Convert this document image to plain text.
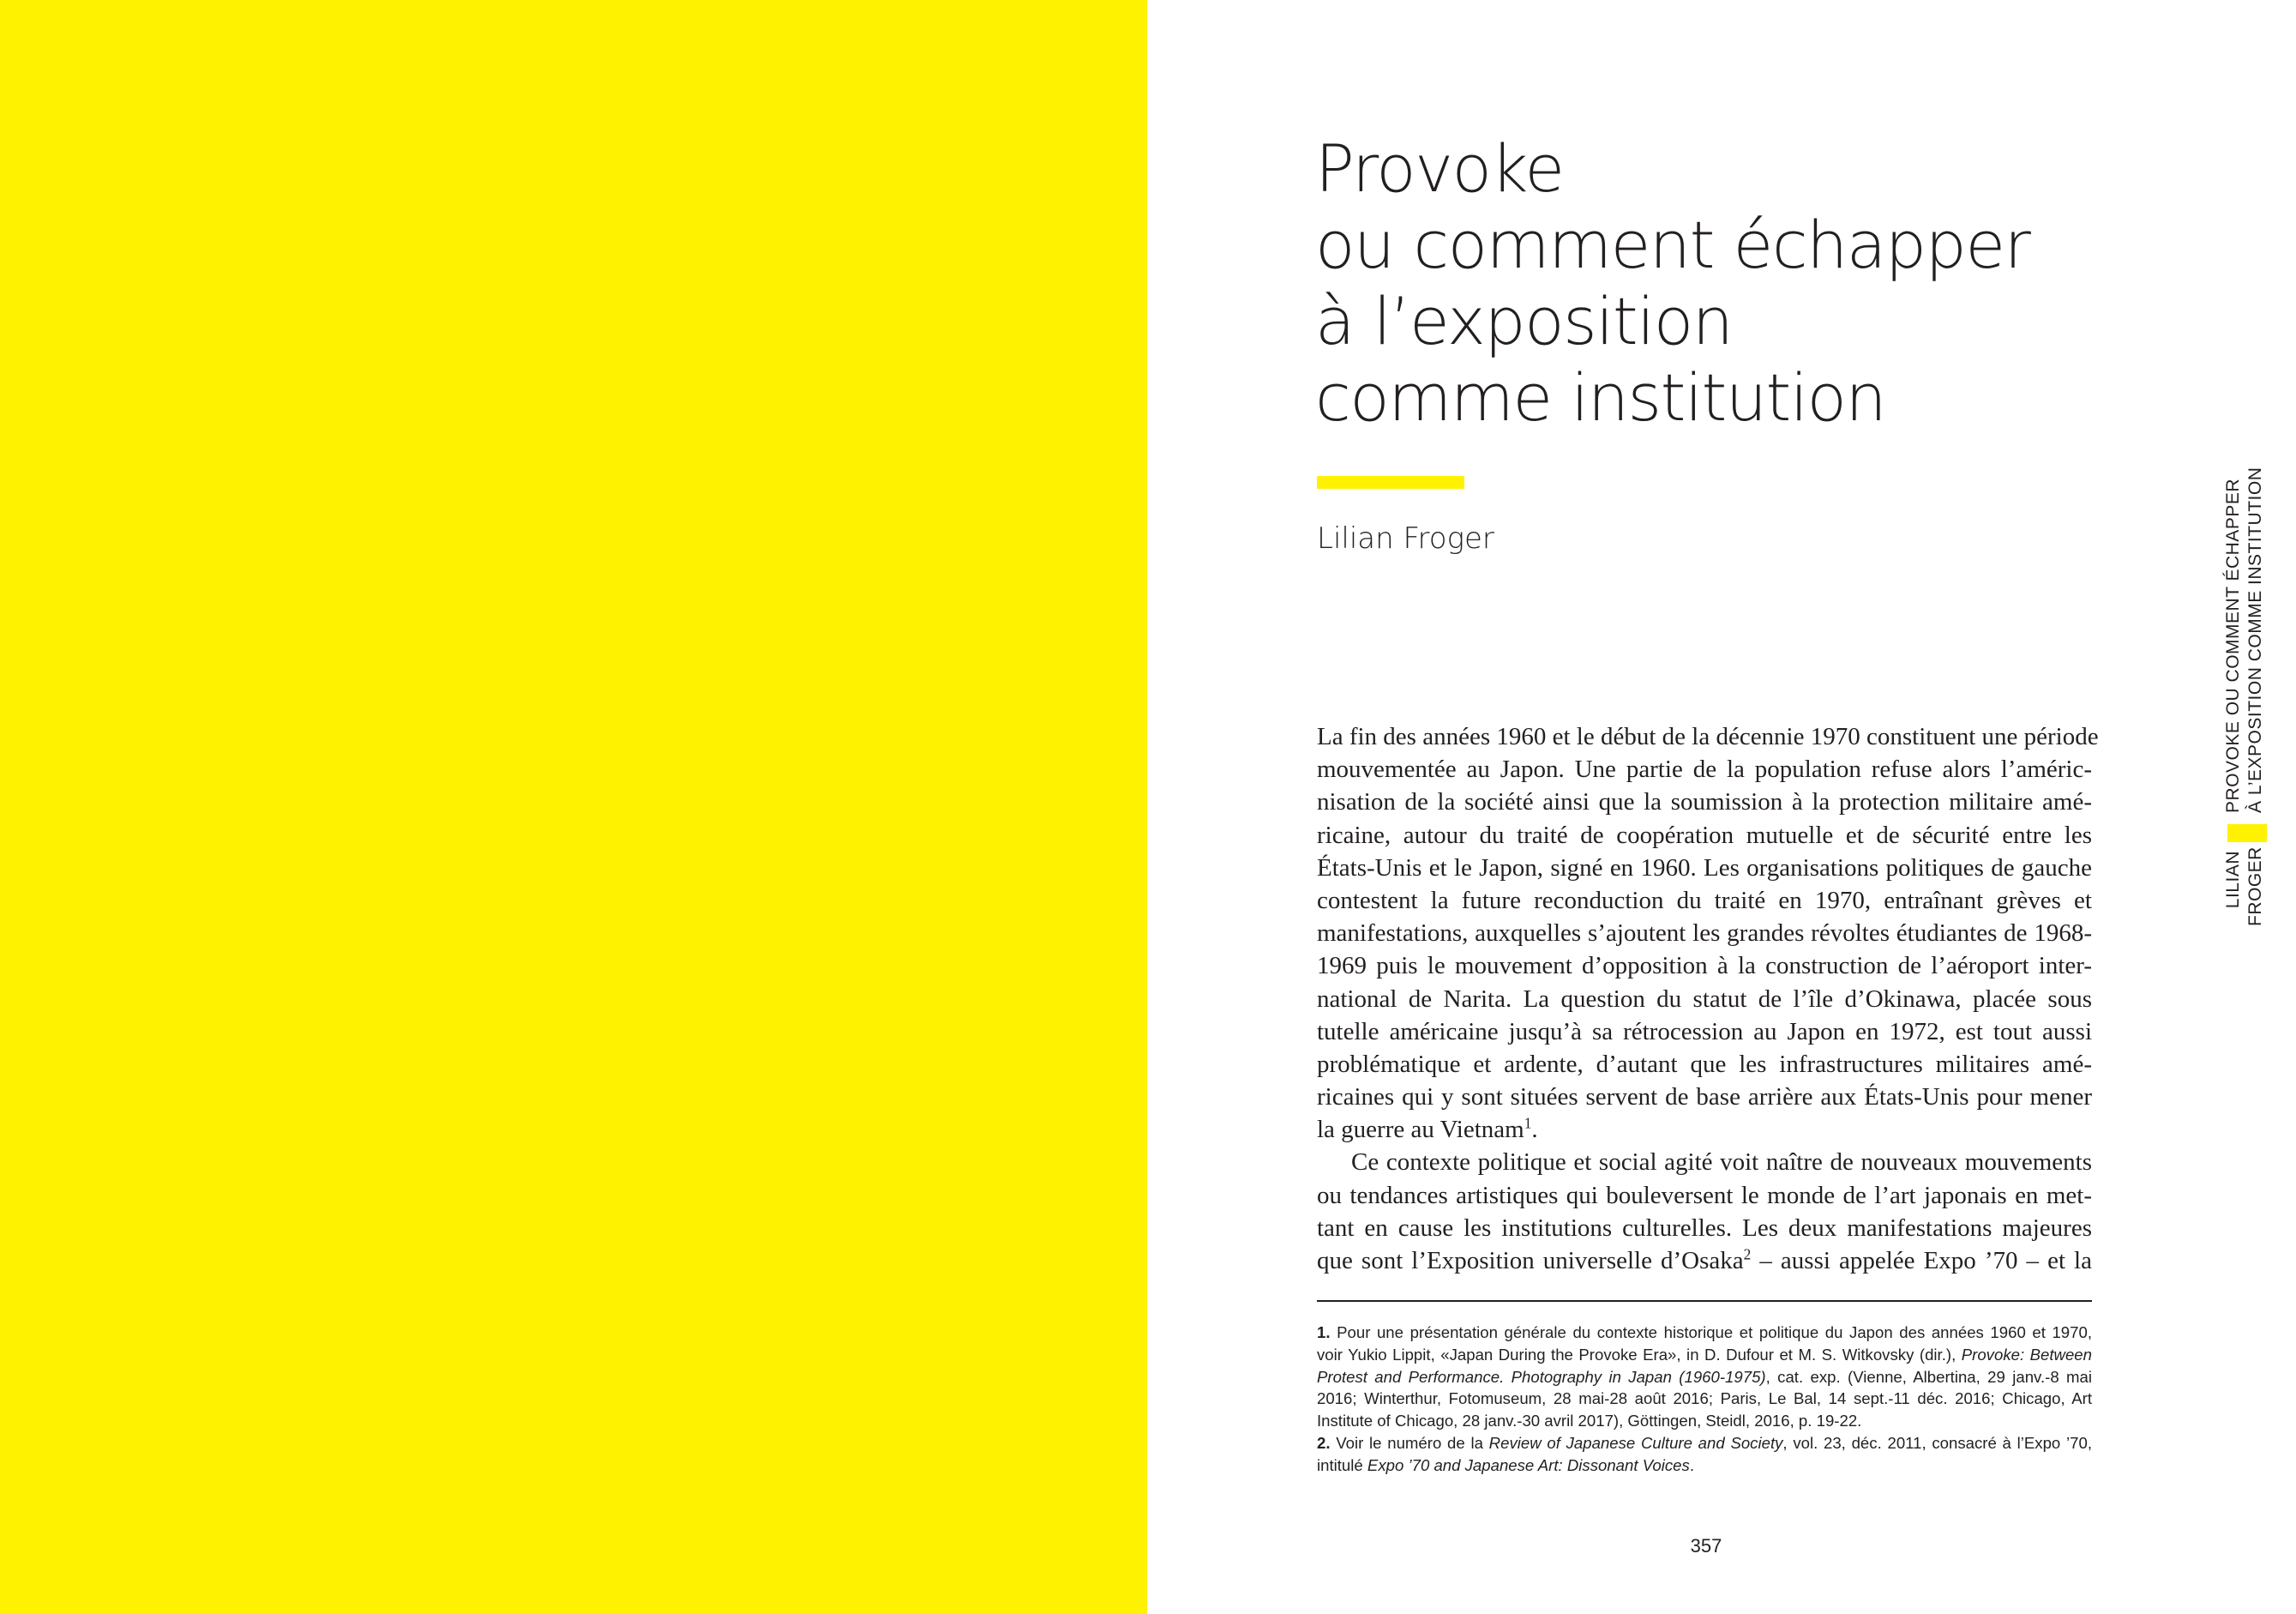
Provoke
ou comment échapper
à l’exposition
comme institution
Lilian Froger
La fin des années 1960 et le début de la décennie 1970 constituent une période
mouvementée au Japon. Une partie de la population refuse alors l’améric-
nisation de la société ainsi que la soumission à la protection militaire amé-
ricaine, autour du traité de coopération mutuelle et de sécurité entre les
États-Unis et le Japon, signé en 1960. Les organisations politiques de gauche
contestent la future reconduction du traité en 1970, entraînant grèves et
manifestations, auxquelles s’ajoutent les grandes révoltes étudiantes de 1968-
1969 puis le mouvement d’opposition à la construction de l’aéroport inter-
national de Narita. La question du statut de l’île d’Okinawa, placée sous
tutelle américaine jusqu’à sa rétrocession au Japon en 1972, est tout aussi
problématique et ardente, d’autant que les infrastructures militaires amé-
ricaines qui y sont situées servent de base arrière aux États-Unis pour mener
la guerre au Vietnam$^1$.
Ce contexte politique et social agité voit naître de nouveaux mouvements
ou tendances artistiques qui bouleversent le monde de l’art japonais en met-
tant en cause les institutions culturelles. Les deux manifestations majeures
que sont l’Exposition universelle d’Osaka$^2$ – aussi appelée Expo ’70 – et la
1. Pour une présentation générale du contexte historique et politique du Japon des années 1960 et 1970,
voir Yukio Lippit, «Japan During the Provoke Era», in D. Dufour et M. S. Witkovsky (dir.), Provoke: Between
Protest and Performance. Photography in Japan (1960-1975), cat. exp. (Vienne, Albertina, 29 janv.-8 mai
2016; Winterthur, Fotomuseum, 28 mai-28 août 2016; Paris, Le Bal, 14 sept.-11 déc. 2016; Chicago, Art
Institute of Chicago, 28 janv.-30 avril 2017), Göttingen, Steidl, 2016, p. 19-22.
2. Voir le numéro de la Review of Japanese Culture and Society, vol. 23, déc. 2011, consacré à l’Expo ’70,
intitulé Expo ’70 and Japanese Art: Dissonant Voices.
357
LILIAN FROGER
PROVOKE OU COMMENT ÉCHAPPER À L’EXPOSITION COMME INSTITUTION
